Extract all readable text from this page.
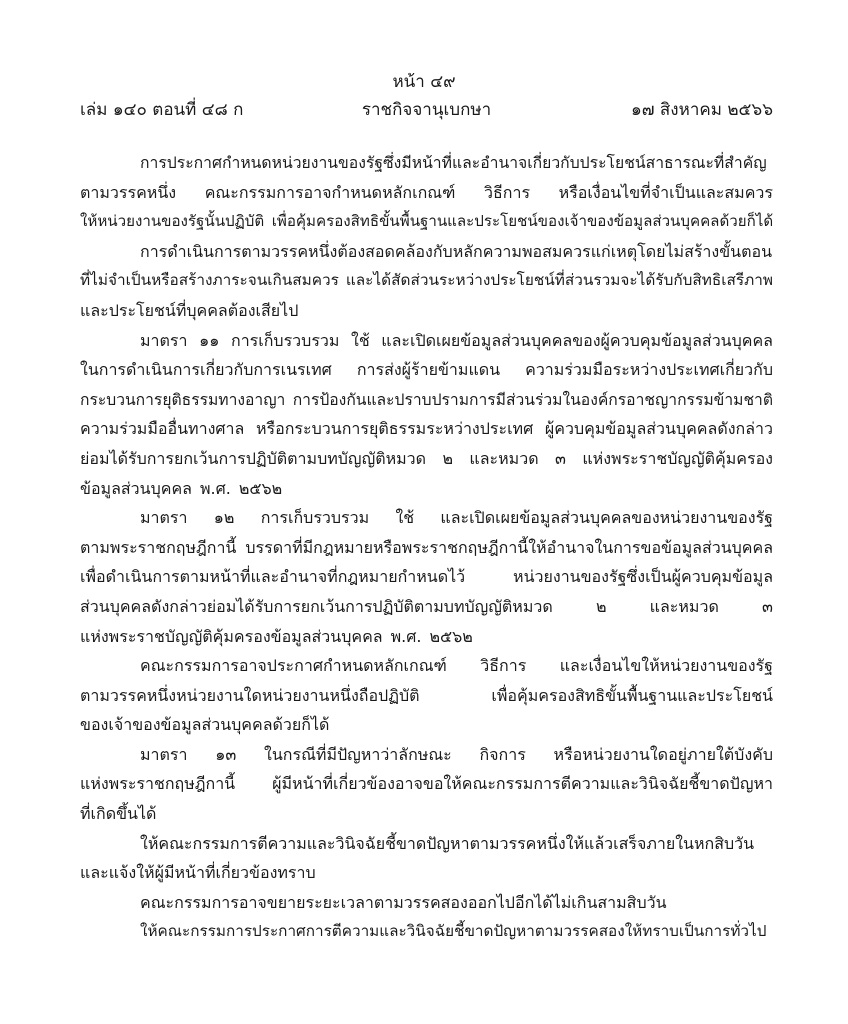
หน้า ๔๙
เล่ม ๑๔๐ ตอนที่ ๔๘ ก	ราชกิจจานุเบกษา	๑๗ สิงหาคม ๒๕๖๖
การประกาศกำหนดหน่วยงานของรัฐซึ่งมีหน้าที่และอำนาจเกี่ยวกับประโยชน์สาธารณะที่สำคัญ
ตามวรรคหนึ่ง คณะกรรมการอาจกำหนดหลักเกณฑ์ วิธีการ หรือเงื่อนไขที่จำเป็นและสมควร
ให้หน่วยงานของรัฐนั้นปฏิบัติ เพื่อคุ้มครองสิทธิขั้นพื้นฐานและประโยชน์ของเจ้าของข้อมูลส่วนบุคคลด้วยก็ได้
การดำเนินการตามวรรคหนึ่งต้องสอดคล้องกับหลักความพอสมควรแก่เหตุโดยไม่สร้างขั้นตอน
ที่ไม่จำเป็นหรือสร้างภาระจนเกินสมควร และได้สัดส่วนระหว่างประโยชน์ที่ส่วนรวมจะได้รับกับสิทธิเสรีภาพ
และประโยชน์ที่บุคคลต้องเสียไป
มาตรา ๑๑ การเก็บรวบรวม ใช้ และเปิดเผยข้อมูลส่วนบุคคลของผู้ควบคุมข้อมูลส่วนบุคคล
ในการดำเนินการเกี่ยวกับการเนรเทศ การส่งผู้ร้ายข้ามแดน ความร่วมมือระหว่างประเทศเกี่ยวกับ
กระบวนการยุติธรรมทางอาญา การป้องกันและปราบปรามการมีส่วนร่วมในองค์กรอาชญากรรมข้ามชาติ
ความร่วมมืออื่นทางศาล หรือกระบวนการยุติธรรมระหว่างประเทศ ผู้ควบคุมข้อมูลส่วนบุคคลดังกล่าว
ย่อมได้รับการยกเว้นการปฏิบัติตามบทบัญญัติหมวด ๒ และหมวด ๓ แห่งพระราชบัญญัติคุ้มครอง
ข้อมูลส่วนบุคคล พ.ศ. ๒๕๖๒
มาตรา ๑๒ การเก็บรวบรวม ใช้ และเปิดเผยข้อมูลส่วนบุคคลของหน่วยงานของรัฐ
ตามพระราชกฤษฎีกานี้ บรรดาที่มีกฎหมายหรือพระราชกฤษฎีกานี้ให้อำนาจในการขอข้อมูลส่วนบุคคล
เพื่อดำเนินการตามหน้าที่และอำนาจที่กฎหมายกำหนดไว้	หน่วยงานของรัฐซึ่งเป็นผู้ควบคุมข้อมูล
ส่วนบุคคลดังกล่าวย่อมได้รับการยกเว้นการปฏิบัติตามบทบัญญัติหมวด	๒	และหมวด	๓
แห่งพระราชบัญญัติคุ้มครองข้อมูลส่วนบุคคล พ.ศ. ๒๕๖๒
คณะกรรมการอาจประกาศกำหนดหลักเกณฑ์ วิธีการ และเงื่อนไขให้หน่วยงานของรัฐ
ตามวรรคหนึ่งหน่วยงานใดหน่วยงานหนึ่งถือปฏิบัติ	เพื่อคุ้มครองสิทธิขั้นพื้นฐานและประโยชน์
ของเจ้าของข้อมูลส่วนบุคคลด้วยก็ได้
มาตรา ๑๓ ในกรณีที่มีปัญหาว่าลักษณะ กิจการ หรือหน่วยงานใดอยู่ภายใต้บังคับ
แห่งพระราชกฤษฎีกานี้ ผู้มีหน้าที่เกี่ยวข้องอาจขอให้คณะกรรมการตีความและวินิจฉัยชี้ขาดปัญหา
ที่เกิดขึ้นได้
ให้คณะกรรมการตีความและวินิจฉัยชี้ขาดปัญหาตามวรรคหนึ่งให้แล้วเสร็จภายในหกสิบวัน
และแจ้งให้ผู้มีหน้าที่เกี่ยวข้องทราบ
คณะกรรมการอาจขยายระยะเวลาตามวรรคสองออกไปอีกได้ไม่เกินสามสิบวัน
ให้คณะกรรมการประกาศการตีความและวินิจฉัยชี้ขาดปัญหาตามวรรคสองให้ทราบเป็นการทั่วไป
